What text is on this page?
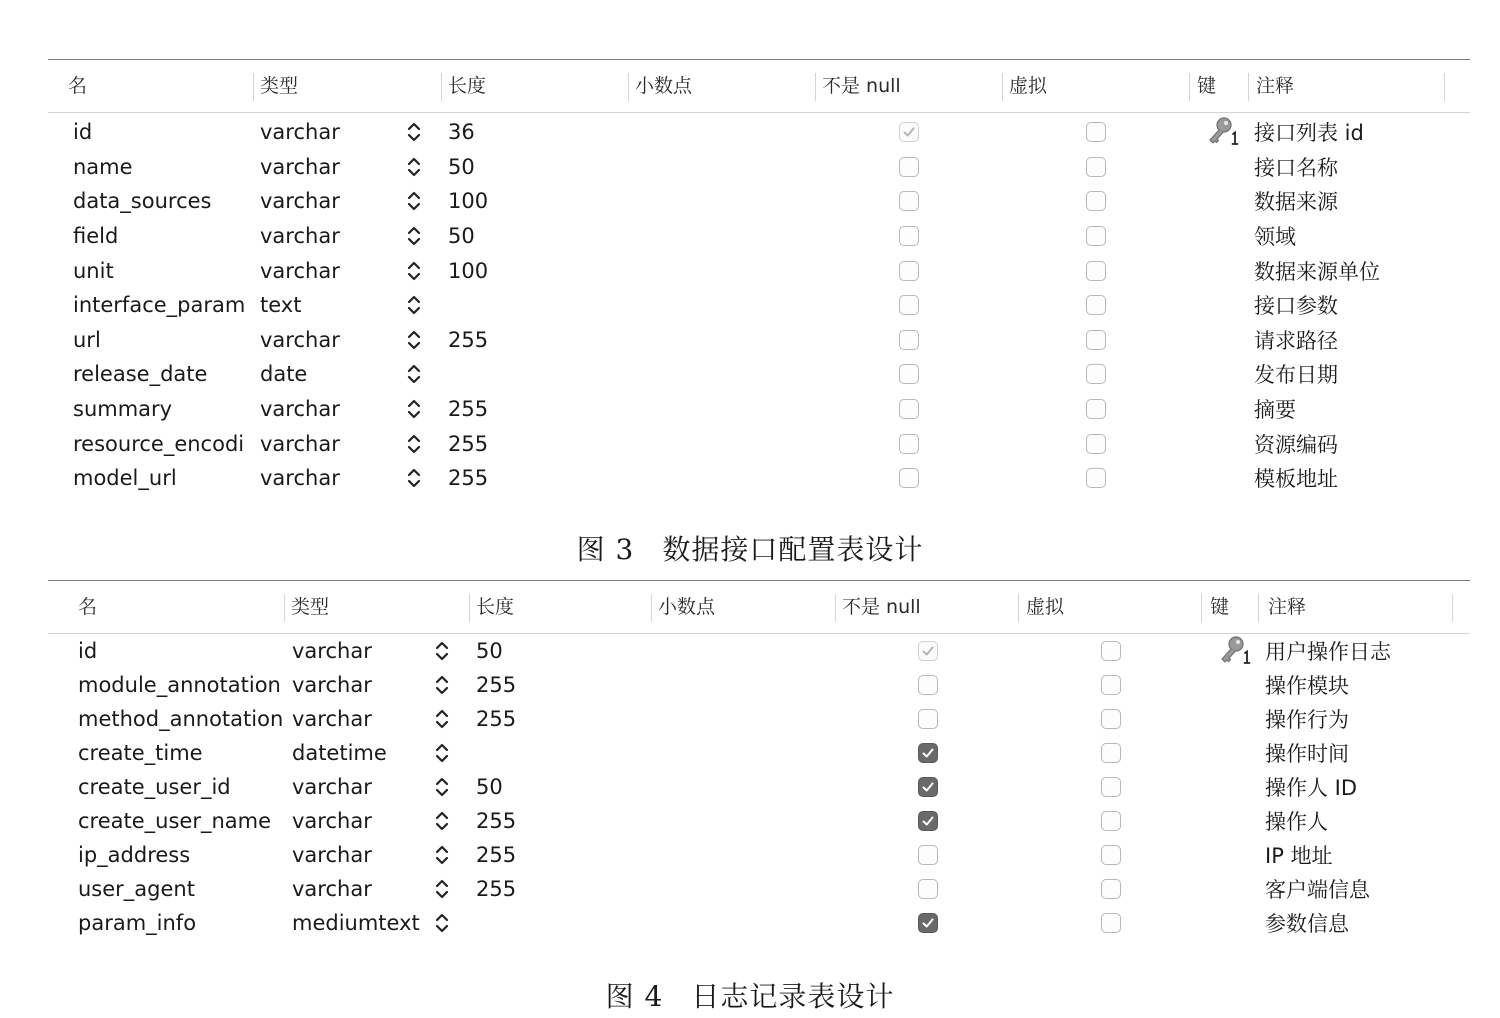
名	类型	长度	小数点	不是 null	虚拟	键	注释
id	varchar	36	接口列表 id
name	varchar	50	接口名称
data_sources	varchar	100	数据来源
field	varchar	50	领域
unit	varchar	100	数据来源单位
interface_param text	接口参数
url	varchar	255	请求路径
release_date	date	发布日期
summary	varchar	255	摘要
resource_encodi varchar	255	资源编码
model_url	varchar	255	模板地址
图 3 数据接口配置表设计
名	类型	长度	小数点	不是 null	虚拟	键	注释
id	varchar	50	用户操作日志
module_annotation varchar	255	操作模块
method_annotation varchar	255	操作行为
create_time	datetime	操作时间
create_user_id	varchar	50	操作人 ID
create_user_name varchar	255	操作人
ip_address	varchar	255	IP 地址
user_agent	varchar	255	客户端信息
param_info	mediumtext	参数信息
图 4 日志记录表设计
